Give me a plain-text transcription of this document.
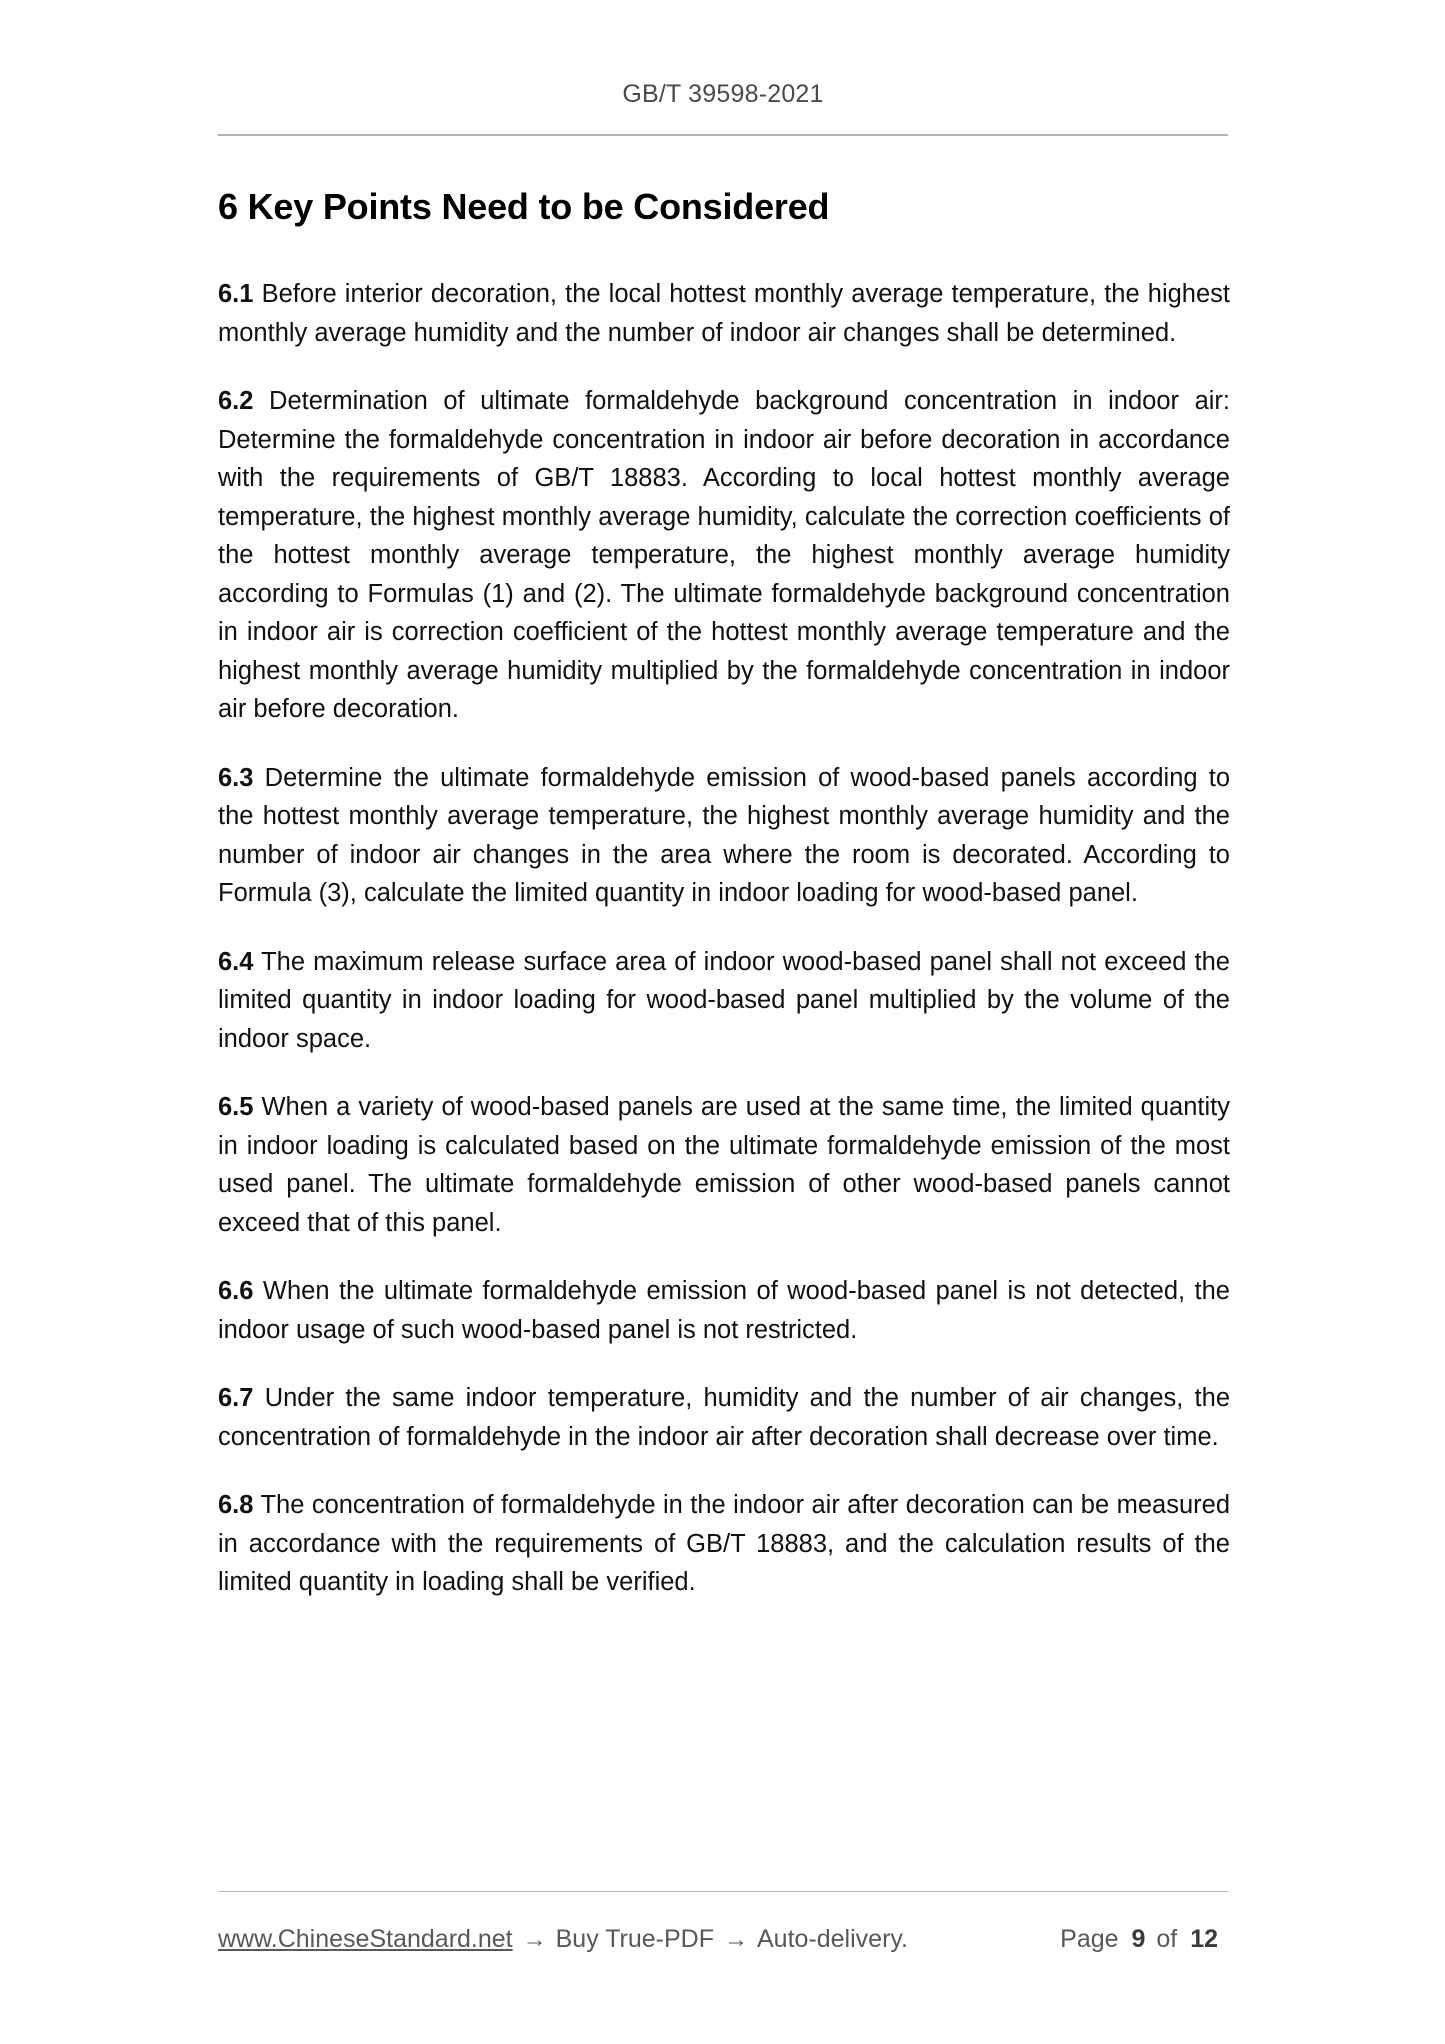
GB/T 39598-2021
6 Key Points Need to be Considered

6.1 Before interior decoration, the local hottest monthly average temperature, the highest monthly average humidity and the number of indoor air changes shall be determined.

6.2 Determination of ultimate formaldehyde background concentration in indoor air: Determine the formaldehyde concentration in indoor air before decoration in accordance with the requirements of GB/T 18883. According to local hottest monthly average temperature, the highest monthly average humidity, calculate the correction coefficients of the hottest monthly average temperature, the highest monthly average humidity according to Formulas (1) and (2). The ultimate formaldehyde background concentration in indoor air is correction coefficient of the hottest monthly average temperature and the highest monthly average humidity multiplied by the formaldehyde concentration in indoor air before decoration.

6.3 Determine the ultimate formaldehyde emission of wood-based panels according to the hottest monthly average temperature, the highest monthly average humidity and the number of indoor air changes in the area where the room is decorated. According to Formula (3), calculate the limited quantity in indoor loading for wood-based panel.

6.4 The maximum release surface area of indoor wood-based panel shall not exceed the limited quantity in indoor loading for wood-based panel multiplied by the volume of the indoor space.

6.5 When a variety of wood-based panels are used at the same time, the limited quantity in indoor loading is calculated based on the ultimate formaldehyde emission of the most used panel. The ultimate formaldehyde emission of other wood-based panels cannot exceed that of this panel.

6.6 When the ultimate formaldehyde emission of wood-based panel is not detected, the indoor usage of such wood-based panel is not restricted.

6.7 Under the same indoor temperature, humidity and the number of air changes, the concentration of formaldehyde in the indoor air after decoration shall decrease over time.

6.8 The concentration of formaldehyde in the indoor air after decoration can be measured in accordance with the requirements of GB/T 18883, and the calculation results of the limited quantity in loading shall be verified.

www.ChineseStandard.net → Buy True-PDF → Auto-delivery.	Page 9 of 12
